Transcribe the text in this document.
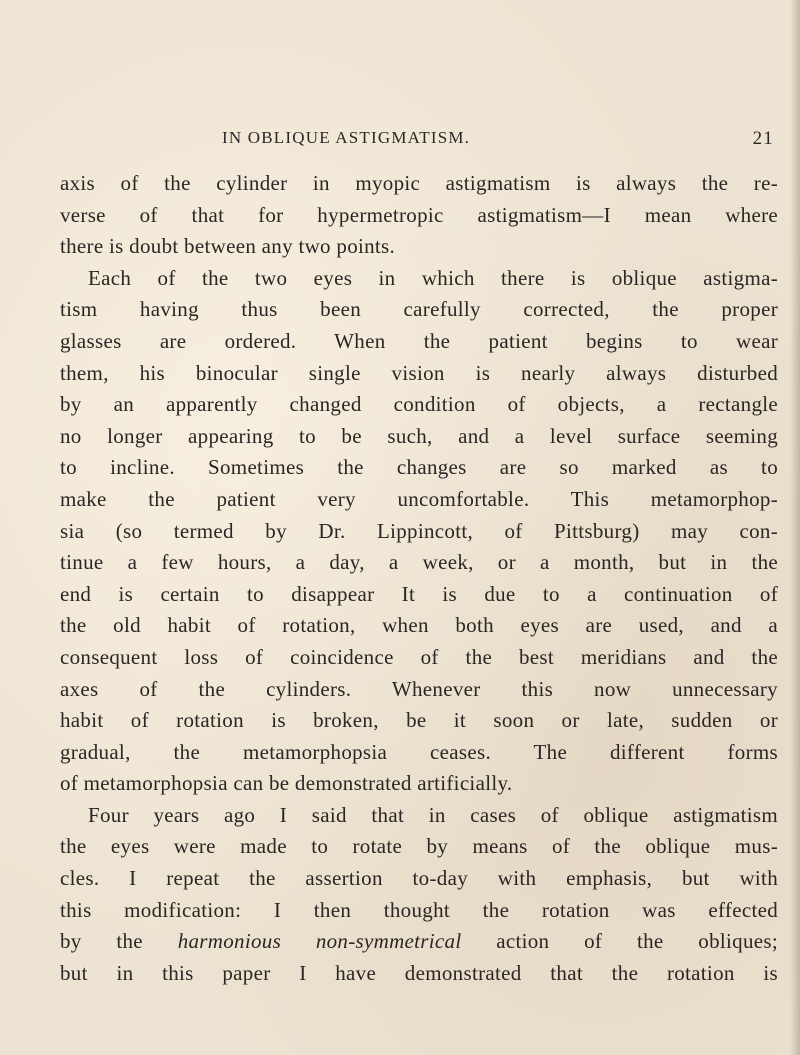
IN OBLIQUE ASTIGMATISM.	21
axis of the cylinder in myopic astigmatism is always the re-
verse of that for hypermetropic astigmatism—I mean where
there is doubt between any two points.
Each of the two eyes in which there is oblique astigma-
tism having thus been carefully corrected, the proper
glasses are ordered. When the patient begins to wear
them, his binocular single vision is nearly always disturbed
by an apparently changed condition of objects, a rectangle
no longer appearing to be such, and a level surface seeming
to incline. Sometimes the changes are so marked as to
make the patient very uncomfortable. This metamorphop-
sia (so termed by Dr. Lippincott, of Pittsburg) may con-
tinue a few hours, a day, a week, or a month, but in the
end is certain to disappear It is due to a continuation of
the old habit of rotation, when both eyes are used, and a
consequent loss of coincidence of the best meridians and the
axes of the cylinders. Whenever this now unnecessary
habit of rotation is broken, be it soon or late, sudden or
gradual, the metamorphopsia ceases. The different forms
of metamorphopsia can be demonstrated artificially.
Four years ago I said that in cases of oblique astigmatism
the eyes were made to rotate by means of the oblique mus-
cles. I repeat the assertion to-day with emphasis, but with
this modification: I then thought the rotation was effected
by the harmonious non-symmetrical action of the obliques;
but in this paper I have demonstrated that the rotation is
